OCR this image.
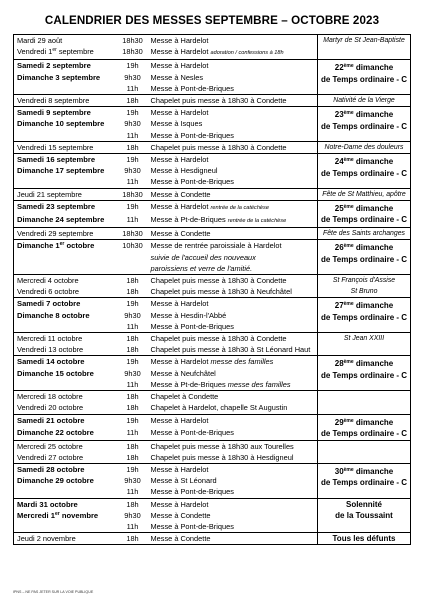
CALENDRIER DES MESSES SEPTEMBRE – OCTOBRE 2023
Mardi 29 août	18h30	Messe à Hardelot	Martyr de St Jean-Baptiste

Vendredi 1er septembre	18h30	Messe à Hardelot adoration / confessions à 18h	
Samedi 2 septembre	19h	Messe à Hardelot	22ème dimanche
de Temps ordinaire - C

Dimanche 3 septembre	9h30	Messe à Nesles	
	11h	Messe à Pont-de-Briques	
Vendredi 8 septembre	18h	Chapelet puis messe à 18h30 à Condette	Nativité de la Vierge

Samedi 9 septembre	19h	Messe à Hardelot	23ème dimanche
de Temps ordinaire - C

Dimanche 10 septembre	9h30	Messe à Isques	
	11h	Messe à Pont-de-Briques	
Vendredi 15 septembre	18h	Chapelet puis messe à 18h30 à Condette	Notre-Dame des douleurs

Samedi 16 septembre	19h	Messe à Hardelot	24ème dimanche
de Temps ordinaire - C

Dimanche 17 septembre	9h30	Messe à Hesdigneul	
	11h	Messe à Pont-de-Briques	
Jeudi 21 septembre	18h30	Messe à Condette	Fête de St Matthieu, apôtre

Samedi 23 septembre	19h	Messe à Hardelot rentrée de la catéchèse	25ème dimanche
de Temps ordinaire - C

Dimanche 24 septembre	11h	Messe à Pt-de-Briques rentrée de la catéchèse	
Vendredi 29 septembre	18h30	Messe à Condette	Fête des Saints archanges

Dimanche 1er octobre	10h30	Messe de rentrée paroissiale à Hardelot	26ème dimanche
de Temps ordinaire - C

		suivie de l'accueil des nouveaux	
		paroissiens et verre de l'amitié.	
Mercredi 4 octobre	18h	Chapelet puis messe à 18h30 à Condette	St François d'Assise
St Bruno

Vendredi 6 octobre	18h	Chapelet puis messe à 18h30 à Neufchâtel	
Samedi 7 octobre	19h	Messe à Hardelot	27ème dimanche
de Temps ordinaire - C

Dimanche 8 octobre	9h30	Messe à Hesdin-l'Abbé	
	11h	Messe à Pont-de-Briques	
Mercredi 11 octobre	18h	Chapelet puis messe à 18h30 à Condette	St Jean XXIII

Vendredi 13 octobre	18h	Chapelet puis messe à 18h30 à St Léonard Haut	
Samedi 14 octobre	19h	Messe à Hardelot messe des familles	28ème dimanche
de Temps ordinaire - C

Dimanche 15 octobre	9h30	Messe à Neufchâtel	
	11h	Messe à Pt-de-Briques messe des familles	
Mercredi 18 octobre	18h	Chapelet à Condette	

Vendredi 20 octobre	18h	Chapelet à Hardelot, chapelle St Augustin	
Samedi 21 octobre	19h	Messe à Hardelot	29ème dimanche
de Temps ordinaire - C

Dimanche 22 octobre	11h	Messe à Pont-de-Briques	
Mercredi 25 octobre	18h	Chapelet puis messe à 18h30 aux Tourelles	

Vendredi 27 octobre	18h	Chapelet puis messe à 18h30 à Hesdigneul	
Samedi 28 octobre	19h	Messe à Hardelot	30ème dimanche
de Temps ordinaire - C

Dimanche 29 octobre	9h30	Messe à St Léonard	
	11h	Messe à Pont-de-Briques	
Mardi 31 octobre	18h	Messe à Hardelot	Solennité
de la Toussaint

Mercredi 1er novembre	9h30	Messe à Condette	
	11h	Messe à Pont-de-Briques	
Jeudi 2 novembre	18h	Messe à Condette	Tous les défunts
IPNS – NE PAS JETER SUR LA VOIE PUBLIQUE
